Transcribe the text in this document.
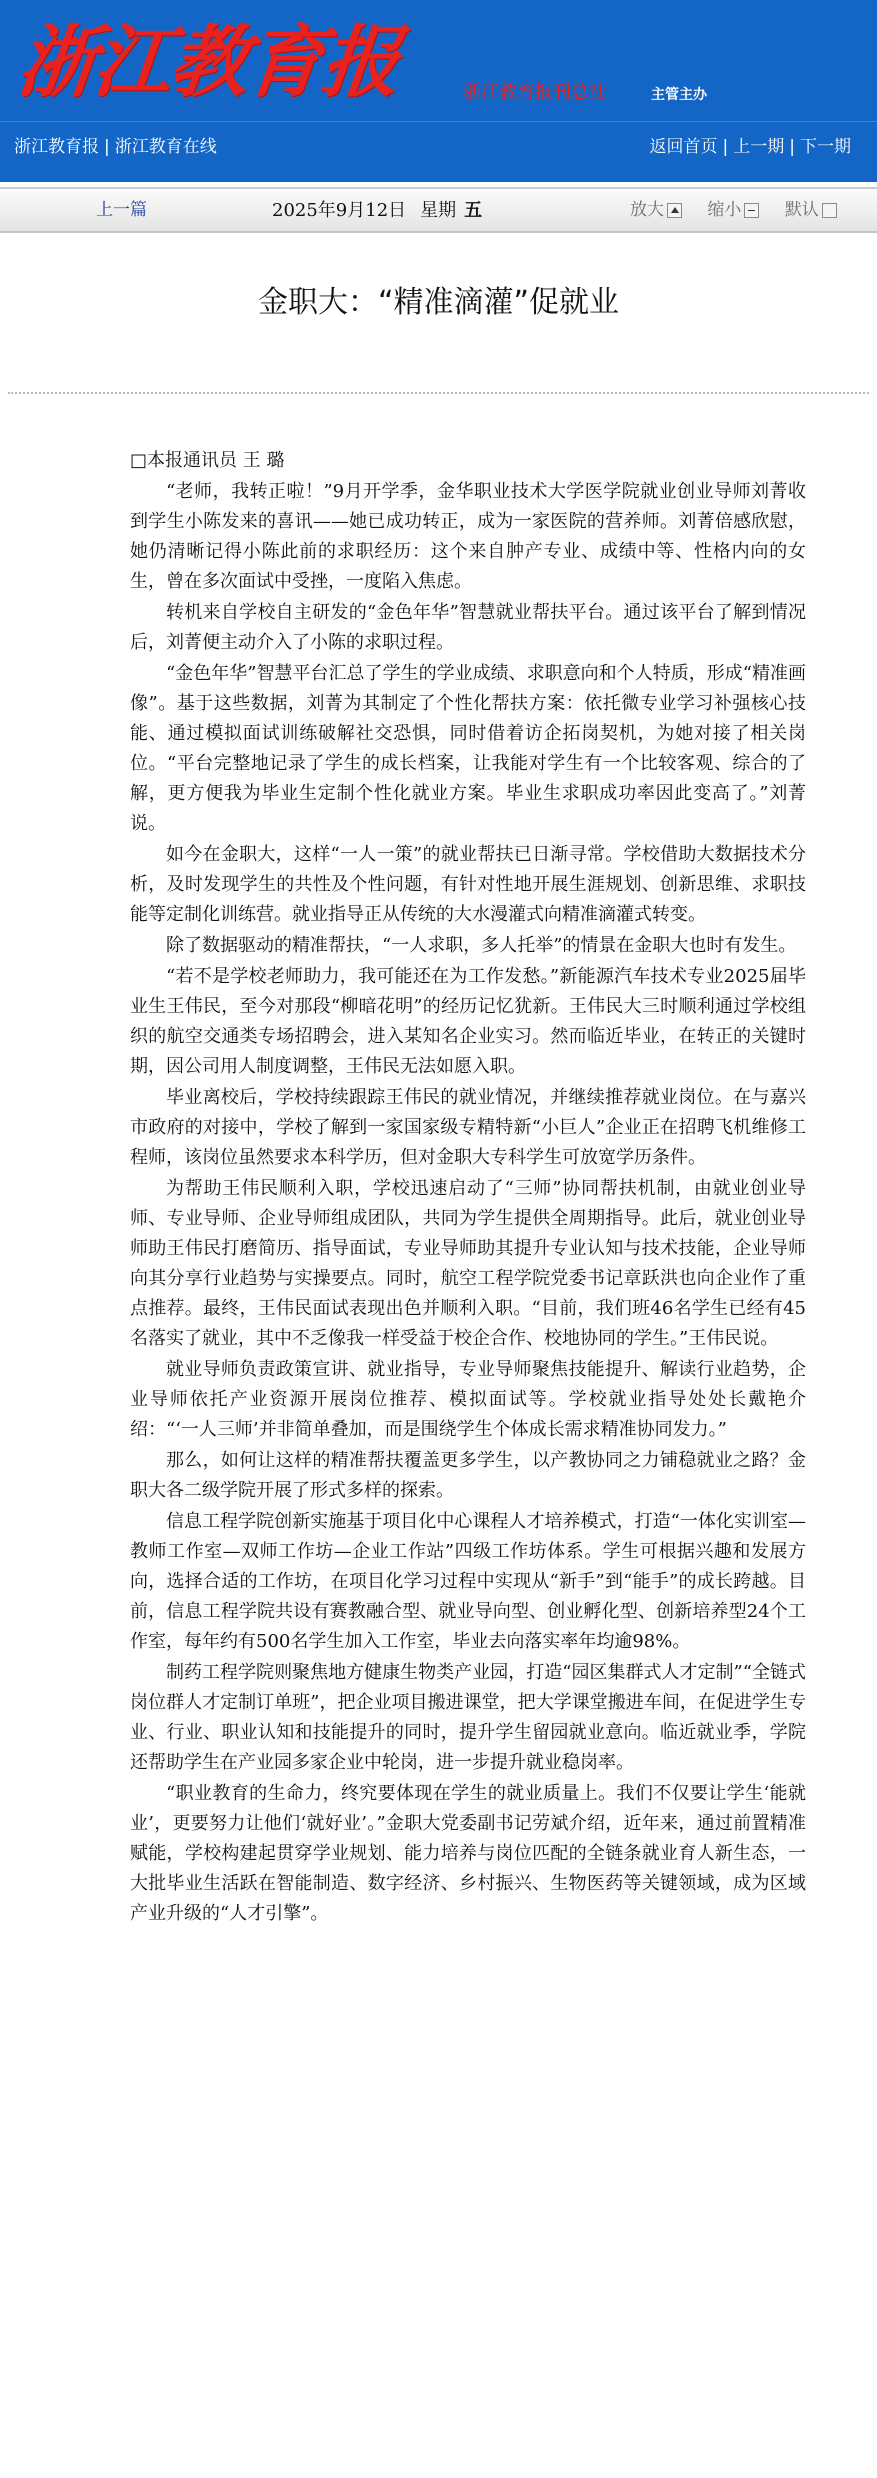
浙江教育报	浙江教育报刊总社	主管主办
浙江教育报 | 浙江教育在线	返回首页 | 上一期 | 下一期
上一篇	2025年9月12日 星期 五	放大
	缩小
	默认
金职大：“精准滴灌”促就业
□本报通讯员 王 璐

“老师，我转正啦！”9月开学季，金华职业技术大学医学院就业创业导师刘菁收到学生小陈发来的喜讯——她已成功转正，成为一家医院的营养师。刘菁倍感欣慰，她仍清晰记得小陈此前的求职经历：这个来自肿产专业、成绩中等、性格内向的女生，曾在多次面试中受挫，一度陷入焦虑。

转机来自学校自主研发的“金色年华”智慧就业帮扶平台。通过该平台了解到情况后，刘菁便主动介入了小陈的求职过程。

“金色年华”智慧平台汇总了学生的学业成绩、求职意向和个人特质，形成“精准画像”。基于这些数据，刘菁为其制定了个性化帮扶方案：依托微专业学习补强核心技能、通过模拟面试训练破解社交恐惧，同时借着访企拓岗契机，为她对接了相关岗位。“平台完整地记录了学生的成长档案，让我能对学生有一个比较客观、综合的了解，更方便我为毕业生定制个性化就业方案。毕业生求职成功率因此变高了。”刘菁说。

如今在金职大，这样“一人一策”的就业帮扶已日渐寻常。学校借助大数据技术分析，及时发现学生的共性及个性问题，有针对性地开展生涯规划、创新思维、求职技能等定制化训练营。就业指导正从传统的大水漫灌式向精准滴灌式转变。

除了数据驱动的精准帮扶，“一人求职，多人托举”的情景在金职大也时有发生。

“若不是学校老师助力，我可能还在为工作发愁。”新能源汽车技术专业2025届毕业生王伟民，至今对那段“柳暗花明”的经历记忆犹新。王伟民大三时顺利通过学校组织的航空交通类专场招聘会，进入某知名企业实习。然而临近毕业，在转正的关键时期，因公司用人制度调整，王伟民无法如愿入职。

毕业离校后，学校持续跟踪王伟民的就业情况，并继续推荐就业岗位。在与嘉兴市政府的对接中，学校了解到一家国家级专精特新“小巨人”企业正在招聘飞机维修工程师，该岗位虽然要求本科学历，但对金职大专科学生可放宽学历条件。

为帮助王伟民顺利入职，学校迅速启动了“三师”协同帮扶机制，由就业创业导师、专业导师、企业导师组成团队，共同为学生提供全周期指导。此后，就业创业导师助王伟民打磨简历、指导面试，专业导师助其提升专业认知与技术技能，企业导师向其分享行业趋势与实操要点。同时，航空工程学院党委书记章跃洪也向企业作了重点推荐。最终，王伟民面试表现出色并顺利入职。“目前，我们班46名学生已经有45名落实了就业，其中不乏像我一样受益于校企合作、校地协同的学生。”王伟民说。

就业导师负责政策宣讲、就业指导，专业导师聚焦技能提升、解读行业趋势，企业导师依托产业资源开展岗位推荐、模拟面试等。学校就业指导处处长戴艳介绍：“‘一人三师’并非简单叠加，而是围绕学生个体成长需求精准协同发力。”

那么，如何让这样的精准帮扶覆盖更多学生，以产教协同之力铺稳就业之路？金职大各二级学院开展了形式多样的探索。

信息工程学院创新实施基于项目化中心课程人才培养模式，打造“一体化实训室—教师工作室—双师工作坊—企业工作站”四级工作坊体系。学生可根据兴趣和发展方向，选择合适的工作坊，在项目化学习过程中实现从“新手”到“能手”的成长跨越。目前，信息工程学院共设有赛教融合型、就业导向型、创业孵化型、创新培养型24个工作室，每年约有500名学生加入工作室，毕业去向落实率年均逾98%。

制药工程学院则聚焦地方健康生物类产业园，打造“园区集群式人才定制”“全链式岗位群人才定制订单班”，把企业项目搬进课堂，把大学课堂搬进车间，在促进学生专业、行业、职业认知和技能提升的同时，提升学生留园就业意向。临近就业季，学院还帮助学生在产业园多家企业中轮岗，进一步提升就业稳岗率。

“职业教育的生命力，终究要体现在学生的就业质量上。我们不仅要让学生‘能就业’，更要努力让他们‘就好业’。”金职大党委副书记劳斌介绍，近年来，通过前置精准赋能，学校构建起贯穿学业规划、能力培养与岗位匹配的全链条就业育人新生态，一大批毕业生活跃在智能制造、数字经济、乡村振兴、生物医药等关键领域，成为区域产业升级的“人才引擎”。
